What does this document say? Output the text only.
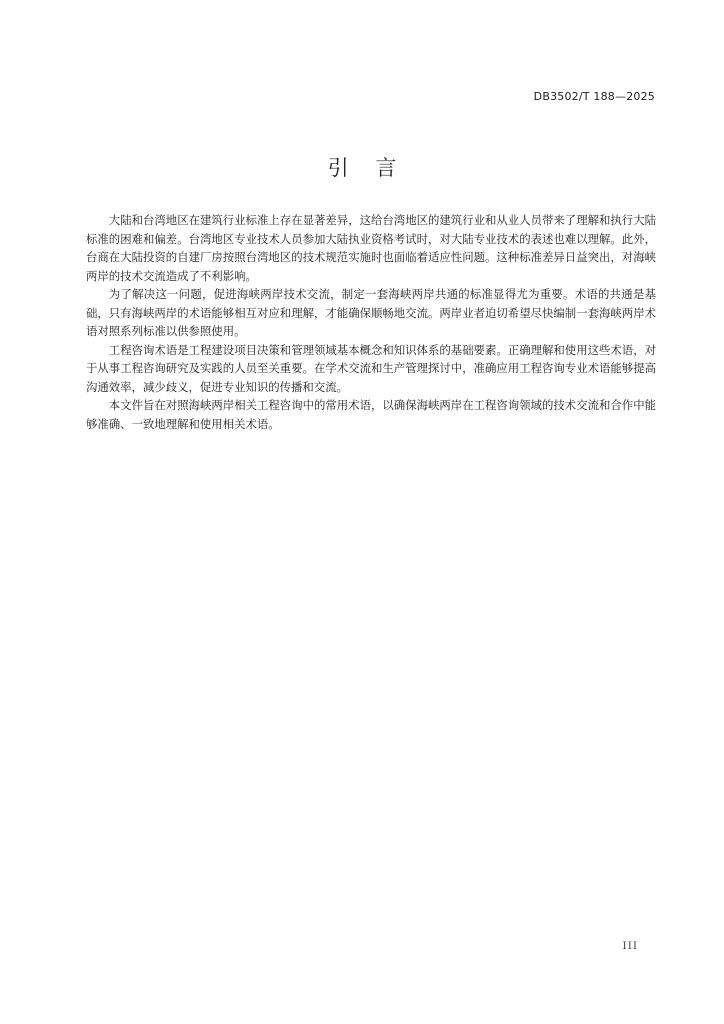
DB3502/T 188—2025
引    言

大陆和台湾地区在建筑行业标准上存在显著差异，这给台湾地区的建筑行业和从业人员带来了理解和执行大陆标准的困难和偏差。台湾地区专业技术人员参加大陆执业资格考试时，对大陆专业技术的表述也难以理解。此外，台商在大陆投资的自建厂房按照台湾地区的技术规范实施时也面临着适应性问题。这种标准差异日益突出，对海峡两岸的技术交流造成了不利影响。

为了解决这一问题，促进海峡两岸技术交流，制定一套海峡两岸共通的标准显得尤为重要。术语的共通是基础，只有海峡两岸的术语能够相互对应和理解，才能确保顺畅地交流。两岸业者迫切希望尽快编制一套海峡两岸术语对照系列标准以供参照使用。

工程咨询术语是工程建设项目决策和管理领域基本概念和知识体系的基础要素。正确理解和使用这些术语，对于从事工程咨询研究及实践的人员至关重要。在学术交流和生产管理探讨中，准确应用工程咨询专业术语能够提高沟通效率，减少歧义，促进专业知识的传播和交流。

本文件旨在对照海峡两岸相关工程咨询中的常用术语，以确保海峡两岸在工程咨询领域的技术交流和合作中能够准确、一致地理解和使用相关术语。

III
